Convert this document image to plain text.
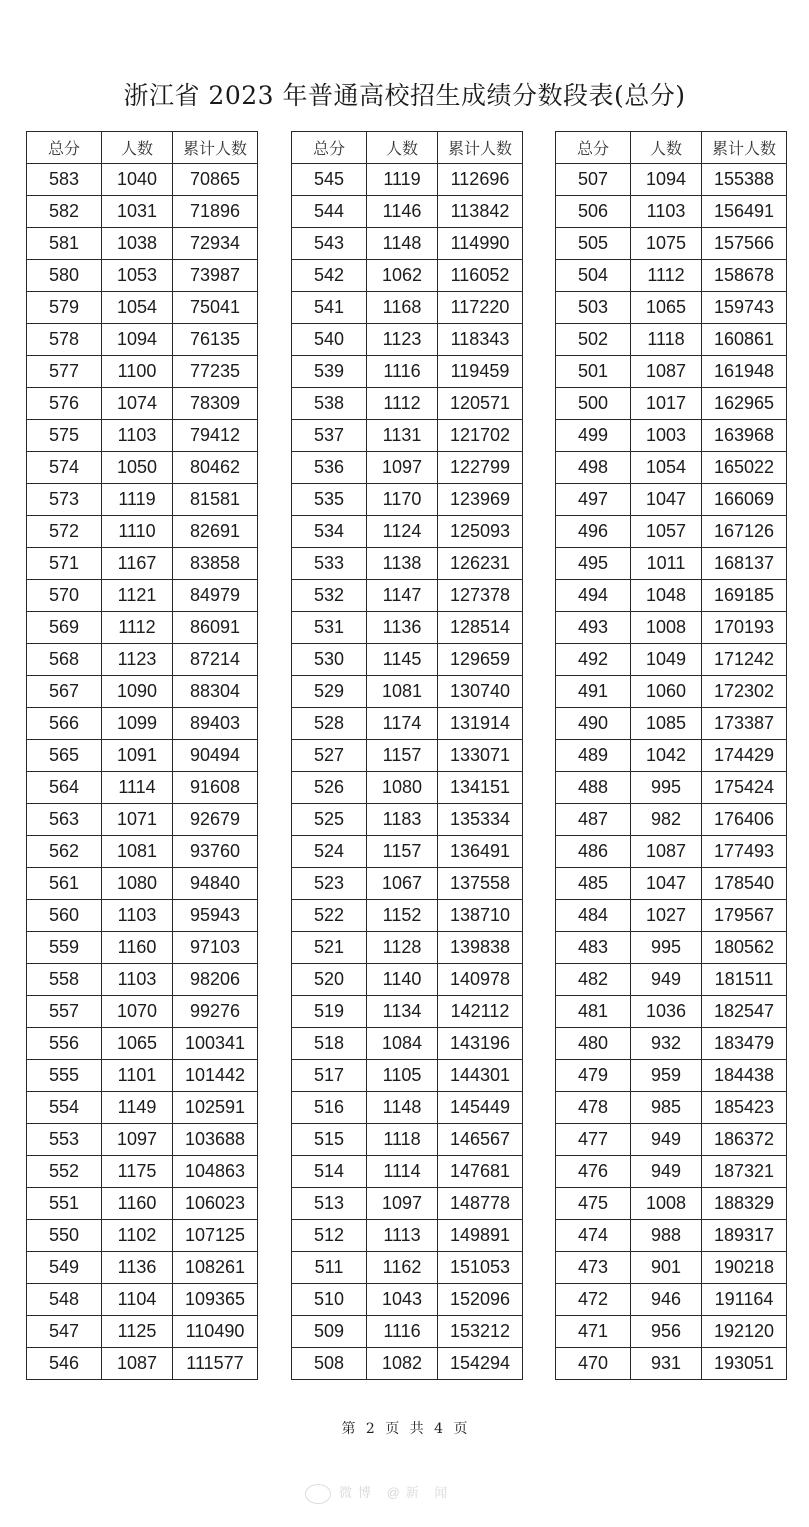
浙江省 2023 年普通高校招生成绩分数段表(总分)
总分	人数	累计人数
583	1040	70865
582	1031	71896
581	1038	72934
580	1053	73987
579	1054	75041
578	1094	76135
577	1100	77235
576	1074	78309
575	1103	79412
574	1050	80462
573	1119	81581
572	1110	82691
571	1167	83858
570	1121	84979
569	1112	86091
568	1123	87214
567	1090	88304
566	1099	89403
565	1091	90494
564	1114	91608
563	1071	92679
562	1081	93760
561	1080	94840
560	1103	95943
559	1160	97103
558	1103	98206
557	1070	99276
556	1065	100341
555	1101	101442
554	1149	102591
553	1097	103688
552	1175	104863
551	1160	106023
550	1102	107125
549	1136	108261
548	1104	109365
547	1125	110490
546	1087	111577
总分	人数	累计人数
545	1119	112696
544	1146	113842
543	1148	114990
542	1062	116052
541	1168	117220
540	1123	118343
539	1116	119459
538	1112	120571
537	1131	121702
536	1097	122799
535	1170	123969
534	1124	125093
533	1138	126231
532	1147	127378
531	1136	128514
530	1145	129659
529	1081	130740
528	1174	131914
527	1157	133071
526	1080	134151
525	1183	135334
524	1157	136491
523	1067	137558
522	1152	138710
521	1128	139838
520	1140	140978
519	1134	142112
518	1084	143196
517	1105	144301
516	1148	145449
515	1118	146567
514	1114	147681
513	1097	148778
512	1113	149891
511	1162	151053
510	1043	152096
509	1116	153212
508	1082	154294
总分	人数	累计人数
507	1094	155388
506	1103	156491
505	1075	157566
504	1112	158678
503	1065	159743
502	1118	160861
501	1087	161948
500	1017	162965
499	1003	163968
498	1054	165022
497	1047	166069
496	1057	167126
495	1011	168137
494	1048	169185
493	1008	170193
492	1049	171242
491	1060	172302
490	1085	173387
489	1042	174429
488	995	175424
487	982	176406
486	1087	177493
485	1047	178540
484	1027	179567
483	995	180562
482	949	181511
481	1036	182547
480	932	183479
479	959	184438
478	985	185423
477	949	186372
476	949	187321
475	1008	188329
474	988	189317
473	901	190218
472	946	191164
471	956	192120
470	931	193051
第 2 页 共 4 页
微博 @新 闻
